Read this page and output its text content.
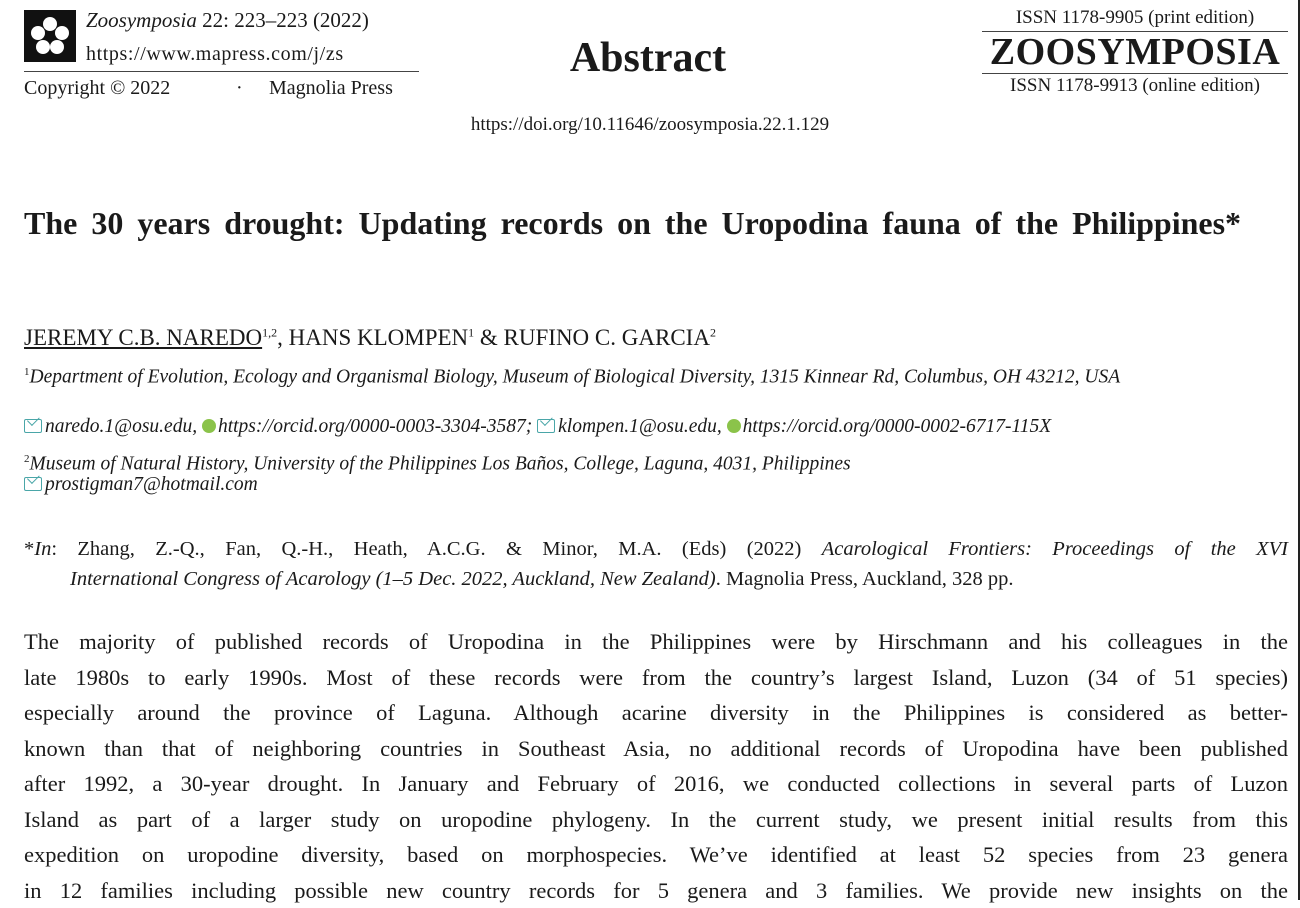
Zoosymposia 22: 223–223 (2022)
https://www.mapress.com/j/zs
Copyright © 2022	· Magnolia Press
Abstract
https://doi.org/10.11646/zoosymposia.22.1.129
ISSN 1178-9905 (print edition)
ZOOSYMPOSIA
ISSN 1178-9913 (online edition)
The 30 years drought: Updating records on the Uropodina fauna of the Philippines*
JEREMY C.B. NAREDO$^{1,2}$, HANS KLOMPEN$^1$ & RUFINO C. GARCIA$^2$
$^1$Department of Evolution, Ecology and Organismal Biology, Museum of Biological Diversity, 1315 Kinnear Rd, Columbus, OH 43212, USA
naredo.1@osu.edu, https://orcid.org/0000-0003-3304-3587; klompen.1@osu.edu, https://orcid.org/0000-0002-6717-115X
$^2$Museum of Natural History, University of the Philippines Los Baños, College, Laguna, 4031, Philippines
prostigman7@hotmail.com
*In: Zhang, Z.-Q., Fan, Q.-H., Heath, A.C.G. & Minor, M.A. (Eds) (2022) Acarological Frontiers: Proceedings of the XVI
International Congress of Acarology (1–5 Dec. 2022, Auckland, New Zealand). Magnolia Press, Auckland, 328 pp.
The majority of published records of Uropodina in the Philippines were by Hirschmann and his colleagues in the
late 1980s to early 1990s. Most of these records were from the country’s largest Island, Luzon (34 of 51 species)
especially around the province of Laguna. Although acarine diversity in the Philippines is considered as better-
known than that of neighboring countries in Southeast Asia, no additional records of Uropodina have been published
after 1992, a 30-year drought. In January and February of 2016, we conducted collections in several parts of Luzon
Island as part of a larger study on uropodine phylogeny. In the current study, we present initial results from this
expedition on uropodine diversity, based on morphospecies. We’ve identified at least 52 species from 23 genera
in 12 families including possible new country records for 5 genera and 3 families. We provide new insights on the
